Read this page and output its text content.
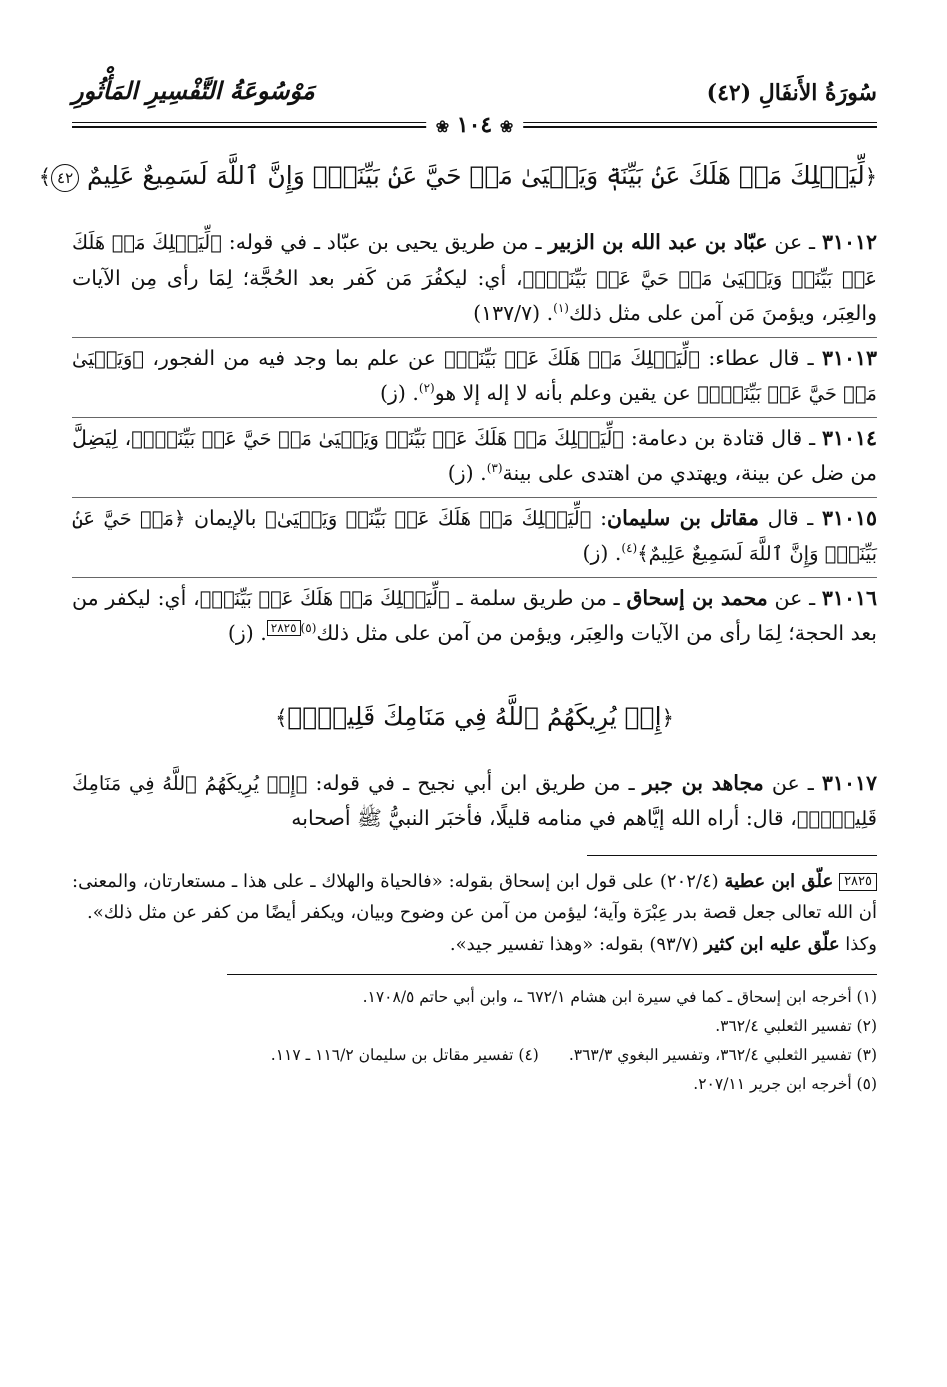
سُورَةُ الأَنفَالِ (٤٢)
مَوْسُوعَةُ التَّفْسِيرِ المَأْثُورِ
❀ ١٠٤ ❀
﴿لِّيَهۡلِكَ مَنۡ هَلَكَ عَنۢ بَيِّنَةٖ وَيَحۡيَىٰ مَنۡ حَيَّ عَنۢ بَيِّنَةٖۗ وَإِنَّ ٱللَّهَ لَسَمِيعٌ عَلِيمٌ ٤٢﴾

٣١٠١٢ ـ عن عبّاد بن عبد الله بن الزبير ـ من طريق يحيى بن عبّاد ـ في قوله: ﴿لِّيَهۡلِكَ مَنۡ هَلَكَ عَنۢ بَيِّنَةٖ وَيَحۡيَىٰ مَنۡ حَيَّ عَنۢ بَيِّنَةٖۗ﴾، أي: ليكفُرَ مَن كَفر بعد الحُجَّة؛ لِمَا رأى مِن الآيات والعِبَر، ويؤمنَ مَن آمن على مثل ذلك$^{(١)}$. (١٣٧/٧)

٣١٠١٣ ـ قال عطاء: ﴿لِّيَهۡلِكَ مَنۡ هَلَكَ عَنۢ بَيِّنَةٖ﴾ عن علم بما وجد فيه من الفجور، ﴿وَيَحۡيَىٰ مَنۡ حَيَّ عَنۢ بَيِّنَةٖۗ﴾ عن يقين وعلم بأنه لا إله إلا هو$^{(٢)}$. (ز)

٣١٠١٤ ـ قال قتادة بن دعامة: ﴿لِّيَهۡلِكَ مَنۡ هَلَكَ عَنۢ بَيِّنَةٖ وَيَحۡيَىٰ مَنۡ حَيَّ عَنۢ بَيِّنَةٖۗ﴾، لِيَضِلَّ من ضل عن بينة، ويهتدي من اهتدى على بينة$^{(٣)}$. (ز)

٣١٠١٥ ـ قال مقاتل بن سليمان: ﴿لِّيَهۡلِكَ مَنۡ هَلَكَ عَنۢ بَيِّنَةٖ وَيَحۡيَىٰ﴾ بالإيمان ﴿مَنۡ حَيَّ عَنۢ بَيِّنَةٖۗ وَإِنَّ ٱللَّهَ لَسَمِيعٌ عَلِيمٌ﴾$^{(٤)}$. (ز)

٣١٠١٦ ـ عن محمد بن إسحاق ـ من طريق سلمة ـ ﴿لِّيَهۡلِكَ مَنۡ هَلَكَ عَنۢ بَيِّنَةٖ﴾، أي: ليكفر من بعد الحجة؛ لِمَا رأى من الآيات والعِبَر، ويؤمن من آمن على مثل ذلك$^{(٥)}$٢٨٢٥. (ز)

﴿إِذۡ يُرِيكَهُمُ ٱللَّهُ فِي مَنَامِكَ قَلِيلٗاۖ﴾

٣١٠١٧ ـ عن مجاهد بن جبر ـ من طريق ابن أبي نجيح ـ في قوله: ﴿إِذۡ يُرِيكَهُمُ ٱللَّهُ فِي مَنَامِكَ قَلِيلٗاۖ﴾، قال: أراه الله إيَّاهم في منامه قليلًا، فأخبَر النبيُّ ﷺ أصحابه

٢٨٢٥ علّق ابن عطية (٢٠٢/٤) على قول ابن إسحاق بقوله: «فالحياة والهلاك ـ على هذا ـ مستعارتان، والمعنى: أن الله تعالى جعل قصة بدر عِبْرَة وآية؛ ليؤمن من آمن عن وضوح وبيان، ويكفر أيضًا من كفر عن مثل ذلك».

وكذا علّق عليه ابن كثير (٩٣/٧) بقوله: «وهذا تفسير جيد».

(١) أخرجه ابن إسحاق ـ كما في سيرة ابن هشام ٦٧٢/١ ـ، وابن أبي حاتم ١٧٠٨/٥.

(٢) تفسير الثعلبي ٣٦٢/٤.

(٣) تفسير الثعلبي ٣٦٢/٤، وتفسير البغوي ٣٦٣/٣.(٤) تفسير مقاتل بن سليمان ١١٦/٢ ـ ١١٧.

(٥) أخرجه ابن جرير ٢٠٧/١١.
